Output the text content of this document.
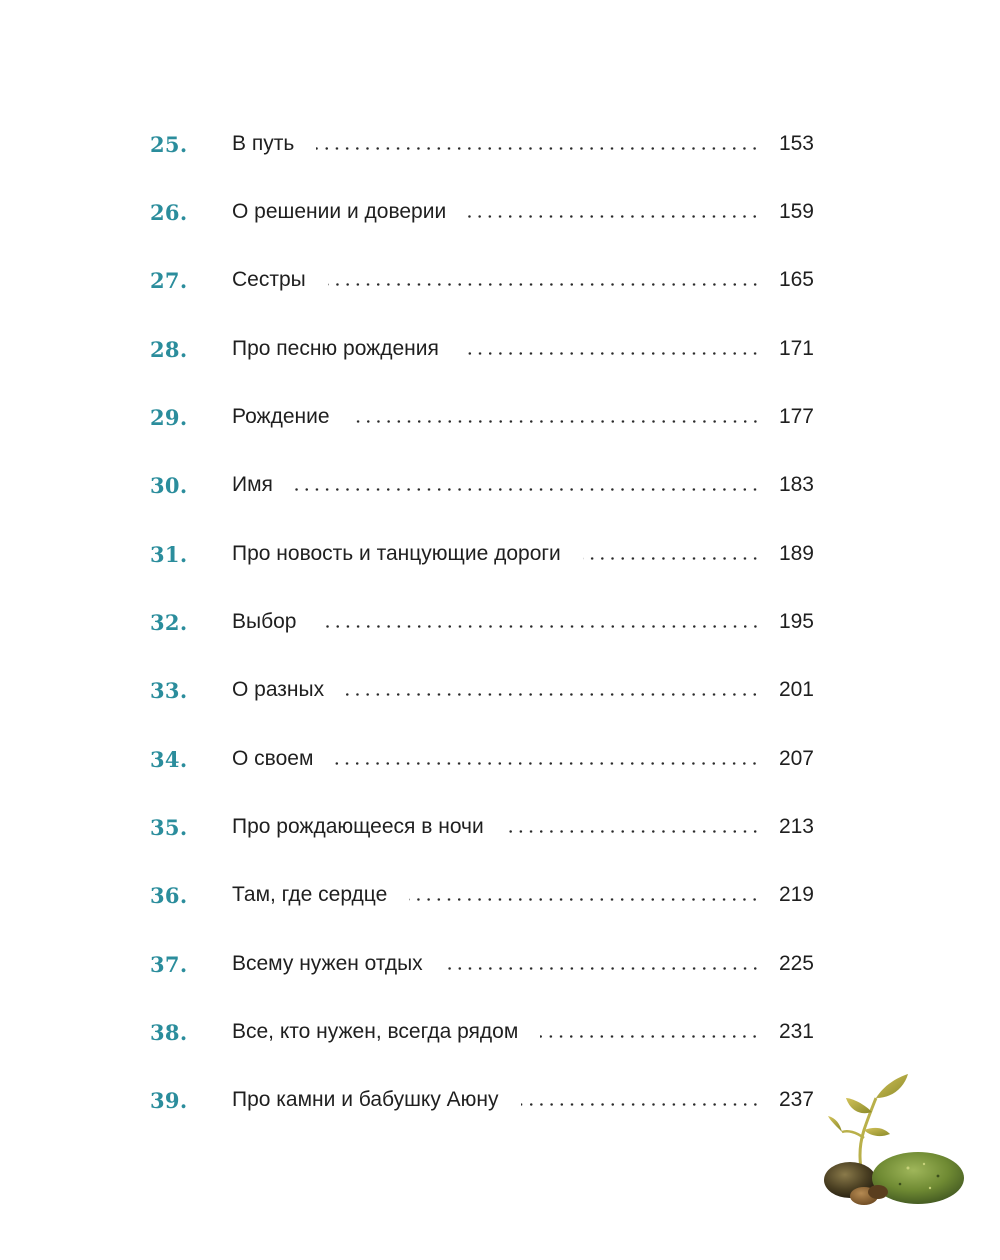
25.	В путь	153
26.	О решении и доверии	159
27.	Сестры	165
28.	Про песню рождения	171
29.	Рождение	177
30.	Имя	183
31.	Про новость и танцующие дороги	189
32.	Выбор	195
33.	О разных	201
34.	О своем	207
35.	Про рождающееся в ночи	213
36.	Там, где сердце	219
37.	Всему нужен отдых	225
38.	Все, кто нужен, всегда рядом	231
39.	Про камни и бабушку Аюну	237
